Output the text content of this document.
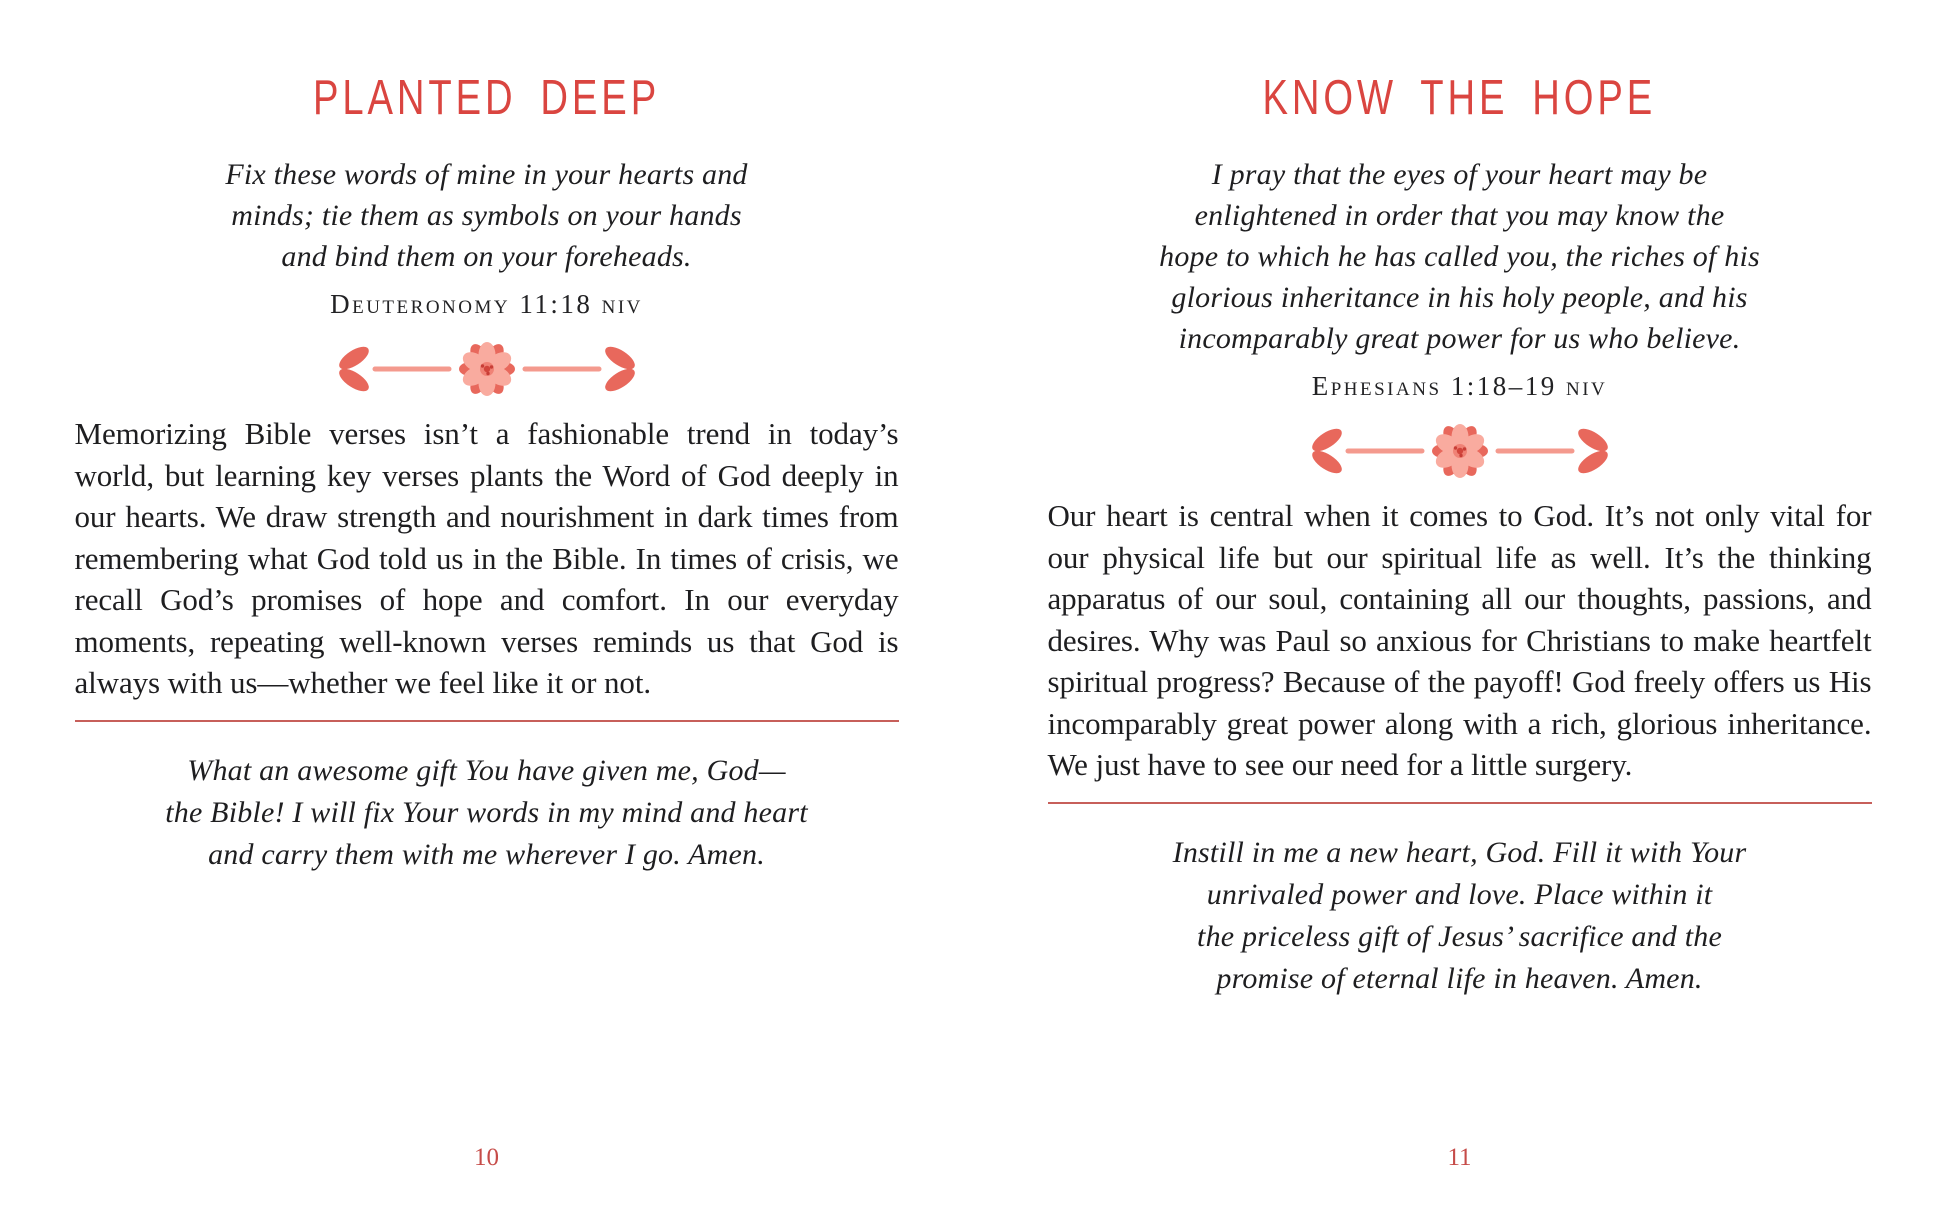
PLANTED DEEP
Fix these words of mine in your hearts and
minds; tie them as symbols on your hands
and bind them on your foreheads.
Deuteronomy 11:18 niv
Memorizing Bible verses isn’t a fashionable trend in today’s world, but learning key verses plants the Word of God deeply in our hearts. We draw strength and nourishment in dark times from remembering what God told us in the Bible. In times of crisis, we recall God’s promises of hope and comfort. In our everyday moments, repeating well-known verses reminds us that God is always with us—whether we feel like it or not.
What an awesome gift You have given me, God—
the Bible! I will fix Your words in my mind and heart
and carry them with me wherever I go. Amen.
10
KNOW THE HOPE
I pray that the eyes of your heart may be
enlightened in order that you may know the
hope to which he has called you, the riches of his
glorious inheritance in his holy people, and his
incomparably great power for us who believe.
Ephesians 1:18–19 niv
Our heart is central when it comes to God. It’s not only vital for our physical life but our spiritual life as well. It’s the thinking apparatus of our soul, containing all our thoughts, passions, and desires. Why was Paul so anxious for Christians to make heartfelt spiritual progress? Because of the payoff! God freely offers us His incomparably great power along with a rich, glorious inheritance. We just have to see our need for a little surgery.
Instill in me a new heart, God. Fill it with Your
unrivaled power and love. Place within it
the priceless gift of Jesus’ sacrifice and the
promise of eternal life in heaven. Amen.
11
